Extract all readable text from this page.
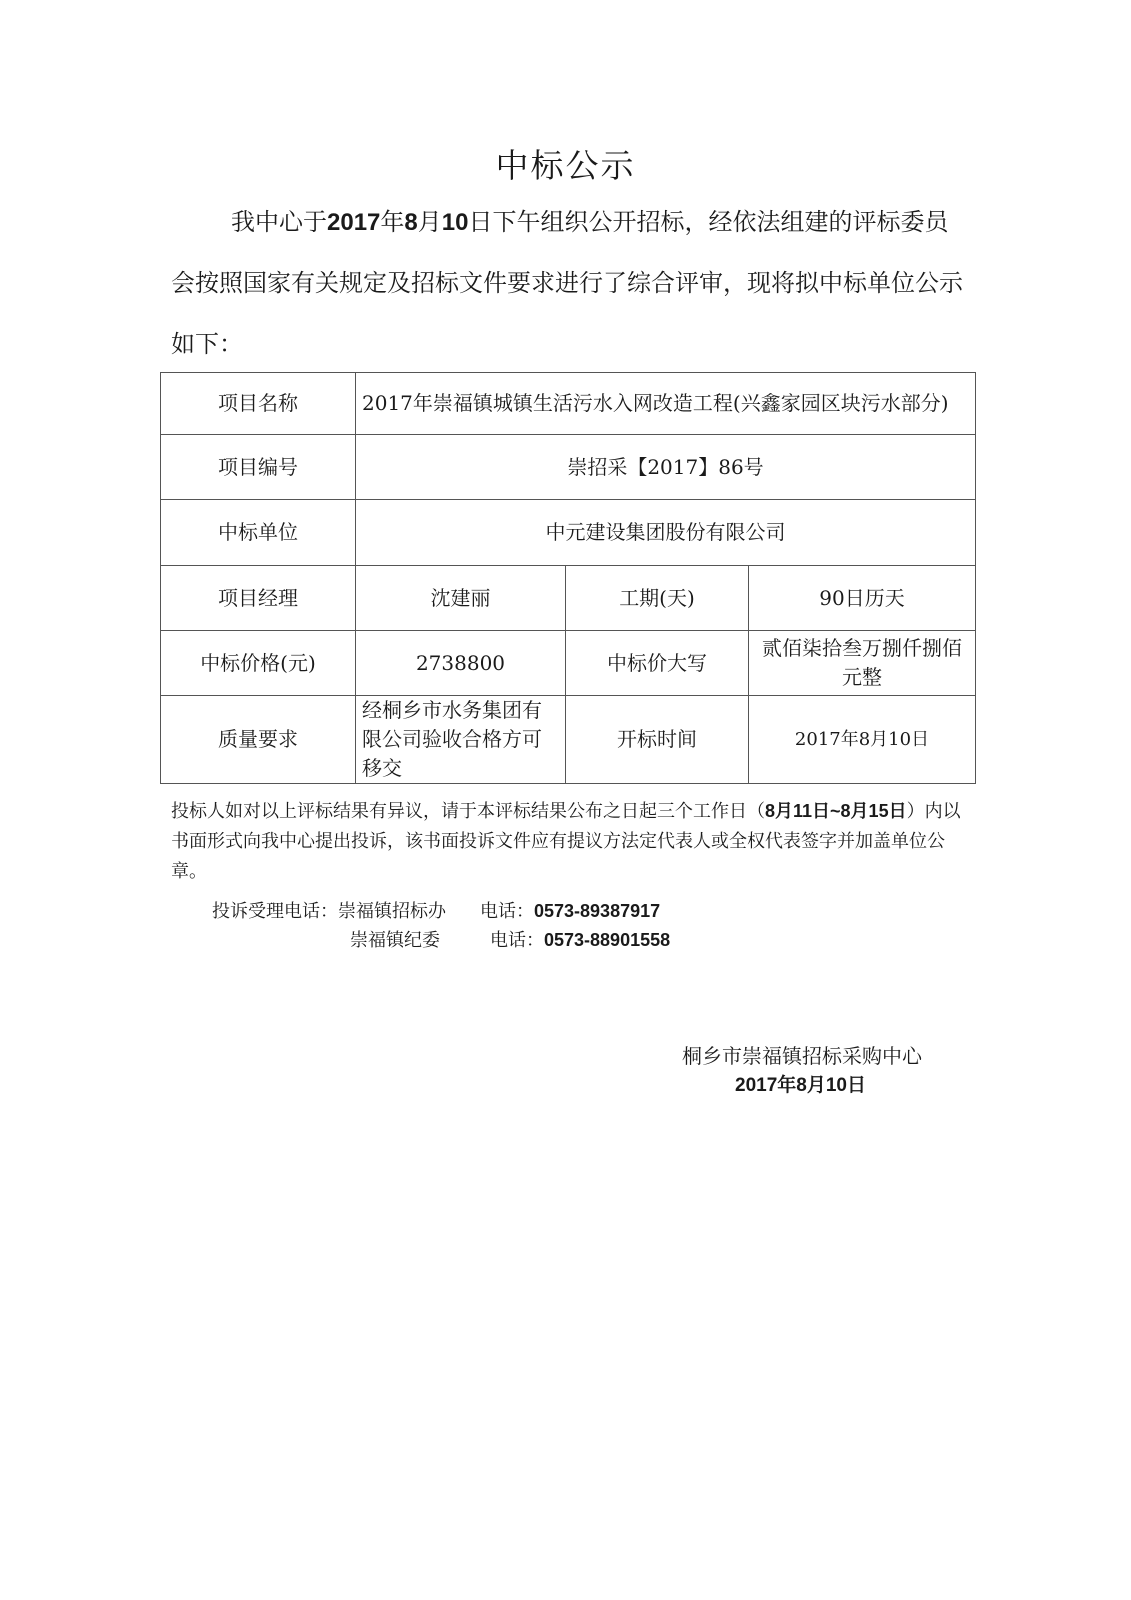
中标公示
我中心于2017年8月10日下午组织公开招标，经依法组建的评标委员会按照国家有关规定及招标文件要求进行了综合评审，现将拟中标单位公示如下：
项目名称	2017年崇福镇城镇生活污水入网改造工程(兴鑫家园区块污水部分)		
项目编号	崇招采【2017】86号		
中标单位	中元建设集团股份有限公司		
项目经理	沈建丽	工期(天)	90日历天
中标价格(元)	2738800	中标价大写	贰佰柒拾叁万捌仟捌佰元整
质量要求	经桐乡市水务集团有限公司验收合格方可移交	开标时间	2017年8月10日
投标人如对以上评标结果有异议，请于本评标结果公布之日起三个工作日（8月11日~8月15日）内以书面形式向我中心提出投诉，该书面投诉文件应有提议方法定代表人或全权代表签字并加盖单位公章。
投诉受理电话：崇福镇招标办 电话：0573-89387917
崇福镇纪委	电话：0573-88901558
桐乡市崇福镇招标采购中心
2017年8月10日
